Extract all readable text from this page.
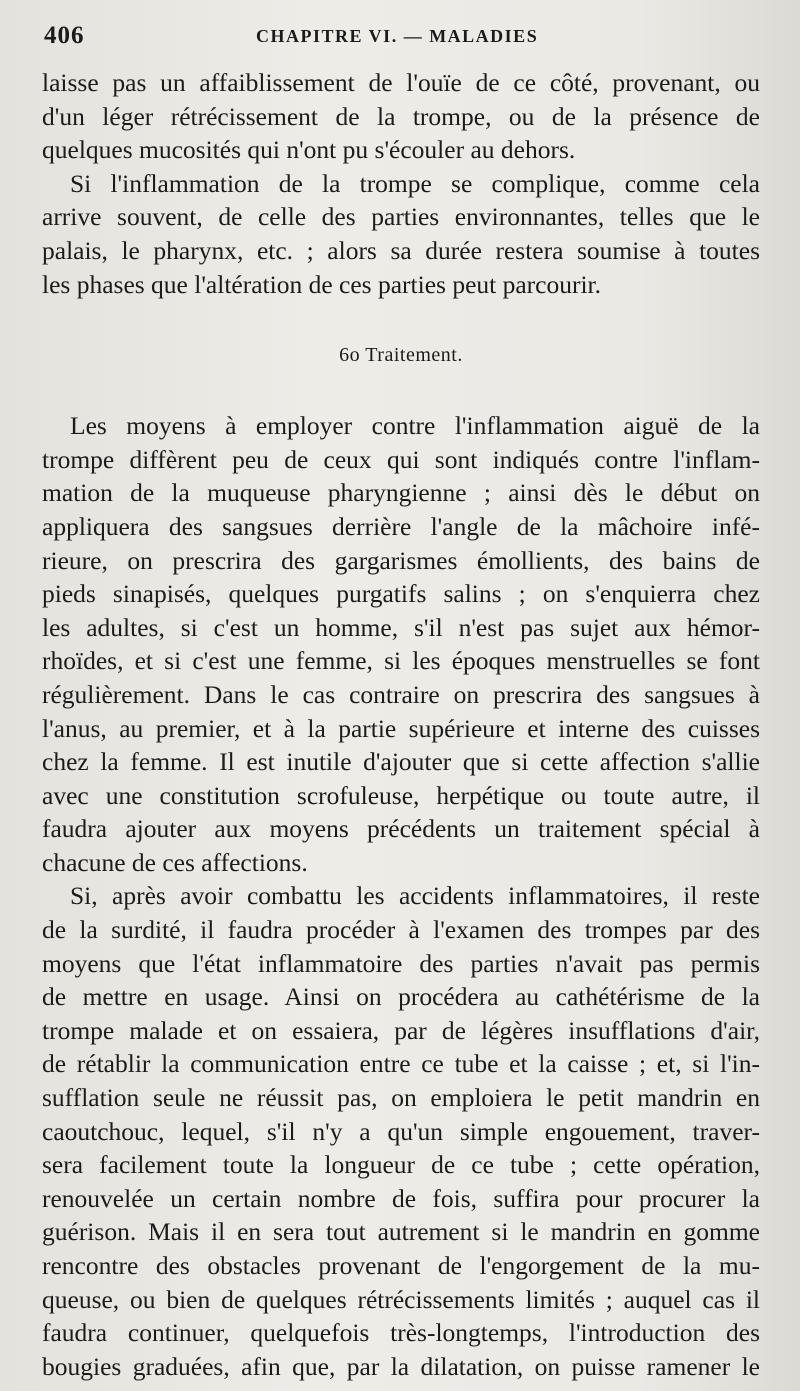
406	CHAPITRE VI. — MALADIES

laisse pas un affaiblissement de l'ouïe de ce côté, provenant, ou
d'un léger rétrécissement de la trompe, ou de la présence de
quelques mucosités qui n'ont pu s'écouler au dehors.

Si l'inflammation de la trompe se complique, comme cela
arrive souvent, de celle des parties environnantes, telles que le
palais, le pharynx, etc. ; alors sa durée restera soumise à toutes
les phases que l'altération de ces parties peut parcourir.

6o Traitement.

Les moyens à employer contre l'inflammation aiguë de la
trompe diffèrent peu de ceux qui sont indiqués contre l'inflam-
mation de la muqueuse pharyngienne ; ainsi dès le début on
appliquera des sangsues derrière l'angle de la mâchoire infé-
rieure, on prescrira des gargarismes émollients, des bains de
pieds sinapisés, quelques purgatifs salins ; on s'enquierra chez
les adultes, si c'est un homme, s'il n'est pas sujet aux hémor-
rhoïdes, et si c'est une femme, si les époques menstruelles se font
régulièrement. Dans le cas contraire on prescrira des sangsues à
l'anus, au premier, et à la partie supérieure et interne des cuisses
chez la femme. Il est inutile d'ajouter que si cette affection s'allie
avec une constitution scrofuleuse, herpétique ou toute autre, il
faudra ajouter aux moyens précédents un traitement spécial à
chacune de ces affections.

Si, après avoir combattu les accidents inflammatoires, il reste
de la surdité, il faudra procéder à l'examen des trompes par des
moyens que l'état inflammatoire des parties n'avait pas permis
de mettre en usage. Ainsi on procédera au cathétérisme de la
trompe malade et on essaiera, par de légères insufflations d'air,
de rétablir la communication entre ce tube et la caisse ; et, si l'in-
sufflation seule ne réussit pas, on emploiera le petit mandrin en
caoutchouc, lequel, s'il n'y a qu'un simple engouement, traver-
sera facilement toute la longueur de ce tube ; cette opération,
renouvelée un certain nombre de fois, suffira pour procurer la
guérison. Mais il en sera tout autrement si le mandrin en gomme
rencontre des obstacles provenant de l'engorgement de la mu-
queuse, ou bien de quelques rétrécissements limités ; auquel cas il
faudra continuer, quelquefois très-longtemps, l'introduction des
bougies graduées, afin que, par la dilatation, on puisse ramener le
